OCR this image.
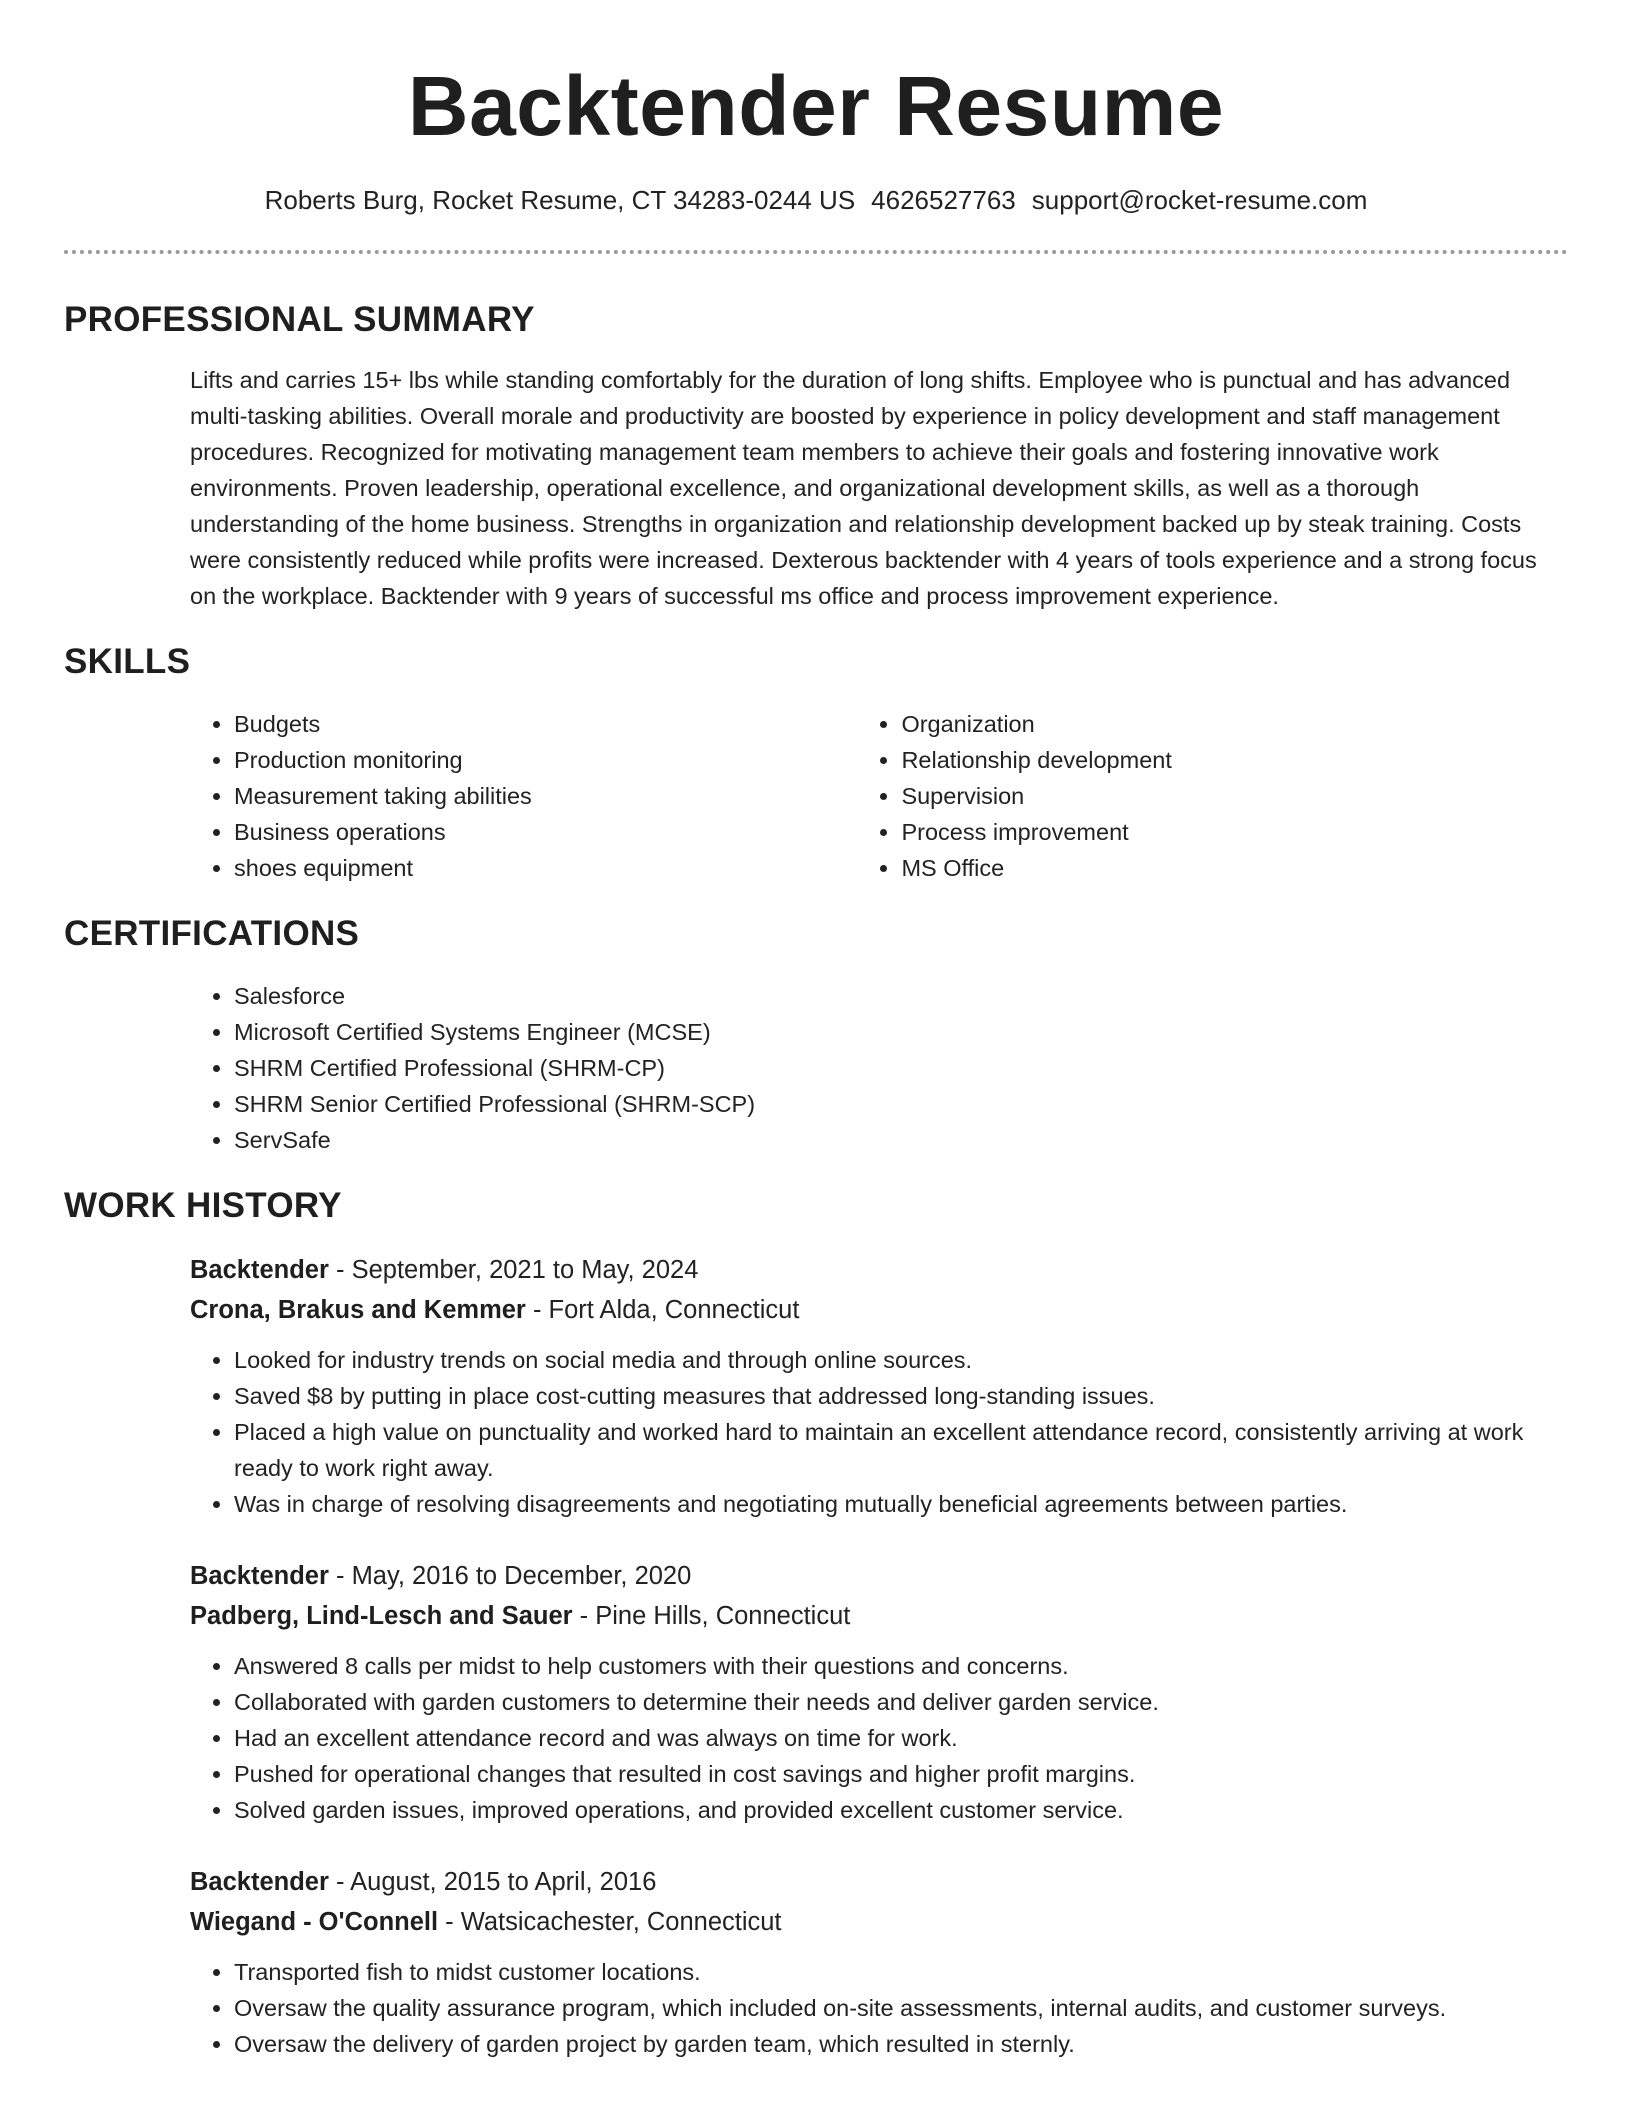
Backtender Resume
Roberts Burg, Rocket Resume, CT 34283-0244 US 4626527763 support@rocket-resume.com
PROFESSIONAL SUMMARY

Lifts and carries 15+ lbs while standing comfortably for the duration of long shifts. Employee who is punctual and has advanced multi-tasking abilities. Overall morale and productivity are boosted by experience in policy development and staff management procedures. Recognized for motivating management team members to achieve their goals and fostering innovative work environments. Proven leadership, operational excellence, and organizational development skills, as well as a thorough understanding of the home business. Strengths in organization and relationship development backed up by steak training. Costs were consistently reduced while profits were increased. Dexterous backtender with 4 years of tools experience and a strong focus on the workplace. Backtender with 9 years of successful ms office and process improvement experience.

SKILLS
• Budgets
• Production monitoring
• Measurement taking abilities
• Business operations
• shoes equipment
• Organization
• Relationship development
• Supervision
• Process improvement
• MS Office
CERTIFICATIONS
• Salesforce
• Microsoft Certified Systems Engineer (MCSE)
• SHRM Certified Professional (SHRM-CP)
• SHRM Senior Certified Professional (SHRM-SCP)
• ServSafe
WORK HISTORY
Backtender - September, 2021 to May, 2024
Crona, Brakus and Kemmer - Fort Alda, Connecticut
• Looked for industry trends on social media and through online sources.
• Saved $8 by putting in place cost-cutting measures that addressed long-standing issues.
• Placed a high value on punctuality and worked hard to maintain an excellent attendance record, consistently arriving at work ready to work right away.
• Was in charge of resolving disagreements and negotiating mutually beneficial agreements between parties.
Backtender - May, 2016 to December, 2020
Padberg, Lind-Lesch and Sauer - Pine Hills, Connecticut
• Answered 8 calls per midst to help customers with their questions and concerns.
• Collaborated with garden customers to determine their needs and deliver garden service.
• Had an excellent attendance record and was always on time for work.
• Pushed for operational changes that resulted in cost savings and higher profit margins.
• Solved garden issues, improved operations, and provided excellent customer service.
Backtender - August, 2015 to April, 2016
Wiegand - O'Connell - Watsicachester, Connecticut
• Transported fish to midst customer locations.
• Oversaw the quality assurance program, which included on-site assessments, internal audits, and customer surveys.
• Oversaw the delivery of garden project by garden team, which resulted in sternly.
